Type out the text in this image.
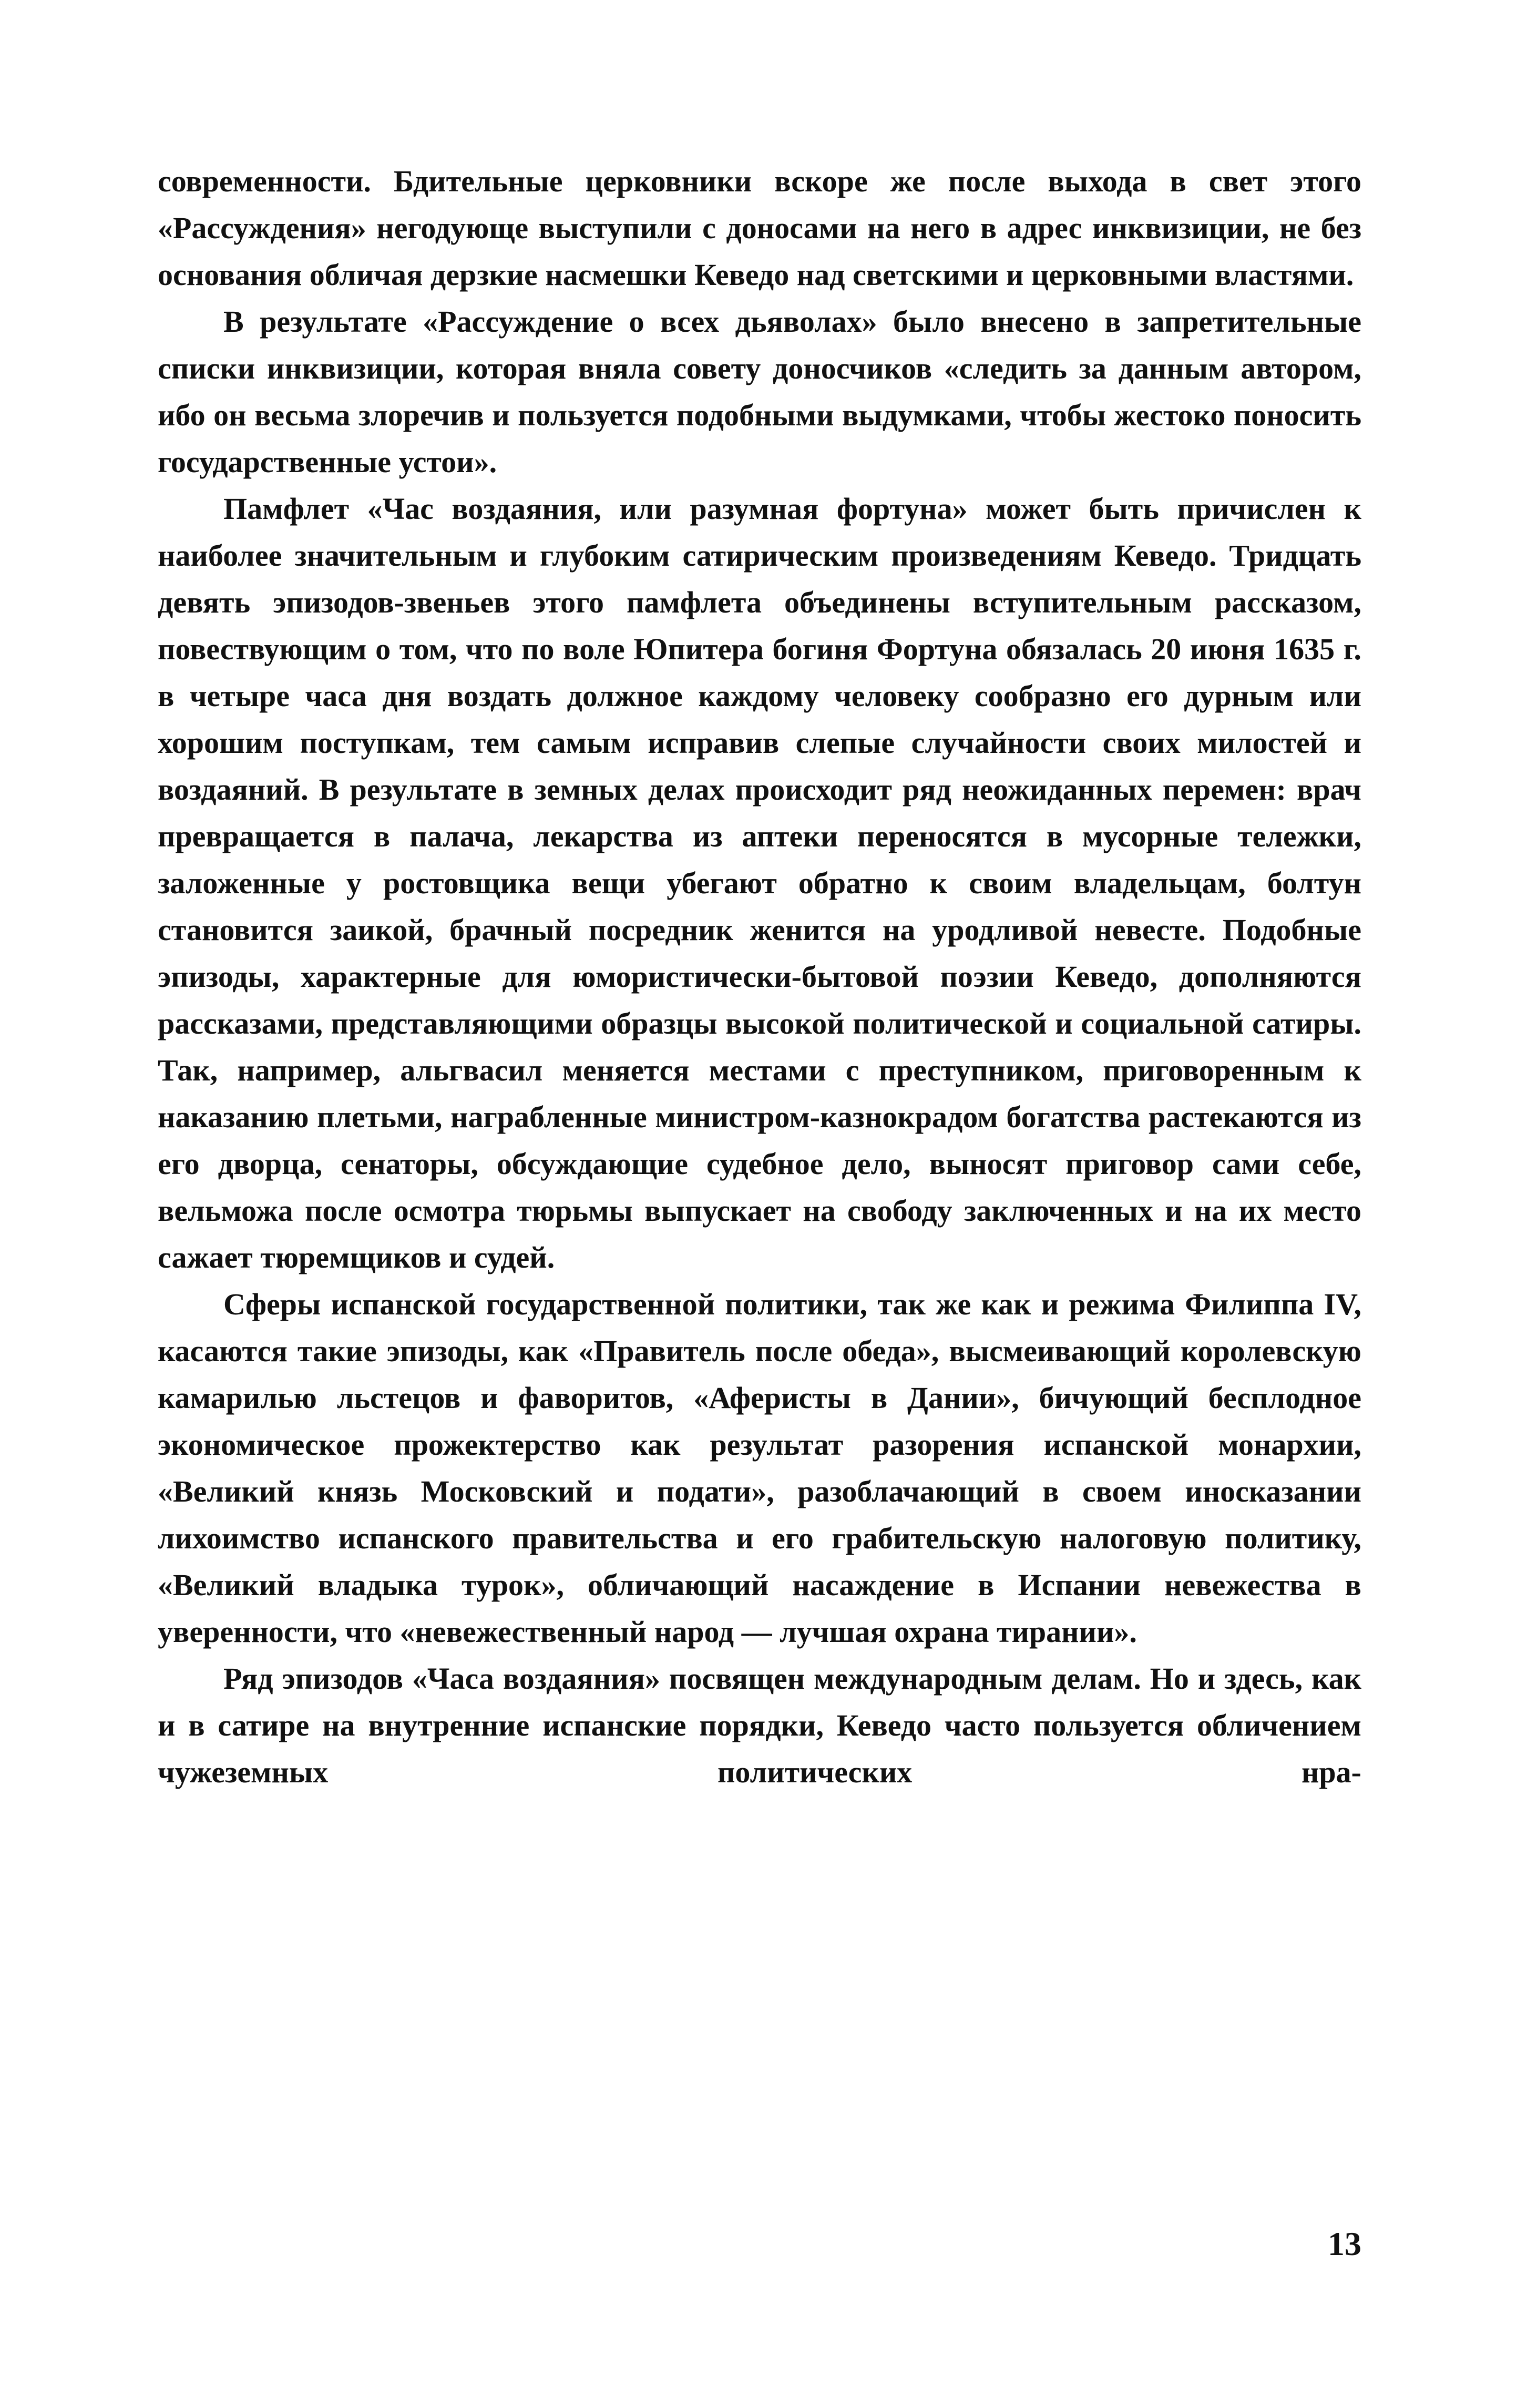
современности. Бдительные церковники вскоре же после выхода в свет этого «Рассуждения» негодующе выступили с доносами на него в адрес инквизиции, не без основания обличая дерзкие насмешки Кеведо над светскими и церковными властями.

В результате «Рассуждение о всех дьяволах» было внесено в запретительные списки инквизиции, которая вняла совету доносчиков «следить за данным автором, ибо он весьма злоречив и пользуется подобными выдумками, чтобы жестоко поносить государственные устои».

Памфлет «Час воздаяния, или разумная фортуна» может быть причислен к наиболее значительным и глубоким сатирическим произведениям Кеведо. Тридцать девять эпизодов-звеньев этого памфлета объединены вступительным рассказом, повествующим о том, что по воле Юпитера богиня Фортуна обязалась 20 июня 1635 г. в четыре часа дня воздать должное каждому человеку сообразно его дурным или хорошим поступкам, тем самым исправив слепые случайности своих милостей и воздаяний. В результате в земных делах происходит ряд неожиданных перемен: врач превращается в палача, лекарства из аптеки переносятся в мусорные тележки, заложенные у ростовщика вещи убегают обратно к своим владельцам, болтун становится заикой, брачный посредник женится на уродливой невесте. Подобные эпизоды, характерные для юмористически-бытовой поэзии Кеведо, дополняются рассказами, представляющими образцы высокой политической и социальной сатиры. Так, например, альгвасил меняется местами с преступником, приговоренным к наказанию плетьми, награбленные министром-казнокрадом богатства растекаются из его дворца, сенаторы, обсуждающие судебное дело, выносят приговор сами себе, вельможа после осмотра тюрьмы выпускает на свободу заключенных и на их место сажает тюремщиков и судей.

Сферы испанской государственной политики, так же как и режима Филиппа IV, касаются такие эпизоды, как «Правитель после обеда», высмеивающий королевскую камарилью льстецов и фаворитов, «Аферисты в Дании», бичующий бесплодное экономическое прожектерство как результат разорения испанской монархии, «Великий князь Московский и подати», разоблачающий в своем иносказании лихоимство испанского правительства и его грабительскую налоговую политику, «Великий владыка турок», обличающий насаждение в Испании невежества в уверенности, что «невежественный народ — лучшая охрана тирании».

Ряд эпизодов «Часа воздаяния» посвящен международным делам. Но и здесь, как и в сатире на внутренние испанские порядки, Кеведо часто пользуется обличением чужеземных политических нра-

13
